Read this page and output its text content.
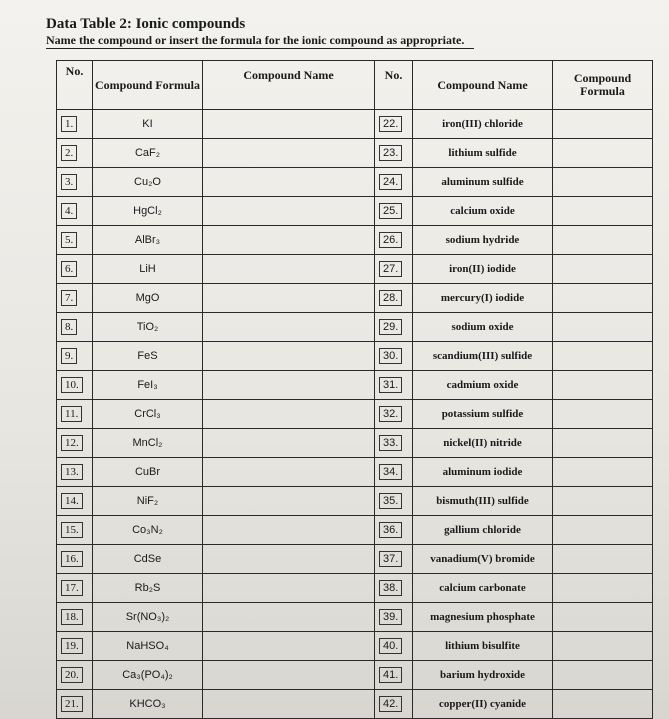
Data Table 2: Ionic compounds
Name the compound or insert the formula for the ionic compound as appropriate.
No.	Compound Formula	Compound Name	No.	Compound Name	Compound Formula
1.	KI		22.	iron(III) chloride	
2.	CaF₂		23.	lithium sulfide	
3.	Cu₂O		24.	aluminum sulfide	
4.	HgCl₂		25.	calcium oxide	
5.	AlBr₃		26.	sodium hydride	
6.	LiH		27.	iron(II) iodide	
7.	MgO		28.	mercury(I) iodide	
8.	TiO₂		29.	sodium oxide	
9.	FeS		30.	scandium(III) sulfide	
10.	FeI₃		31.	cadmium oxide	
11.	CrCl₃		32.	potassium sulfide	
12.	MnCl₂		33.	nickel(II) nitride	
13.	CuBr		34.	aluminum iodide	
14.	NiF₂		35.	bismuth(III) sulfide	
15.	Co₃N₂		36.	gallium chloride	
16.	CdSe		37.	vanadium(V) bromide	
17.	Rb₂S		38.	calcium carbonate	
18.	Sr(NO₃)₂		39.	magnesium phosphate	
19.	NaHSO₄		40.	lithium bisulfite	
20.	Ca₃(PO₄)₂		41.	barium hydroxide	
21.	KHCO₃		42.	copper(II) cyanide	
